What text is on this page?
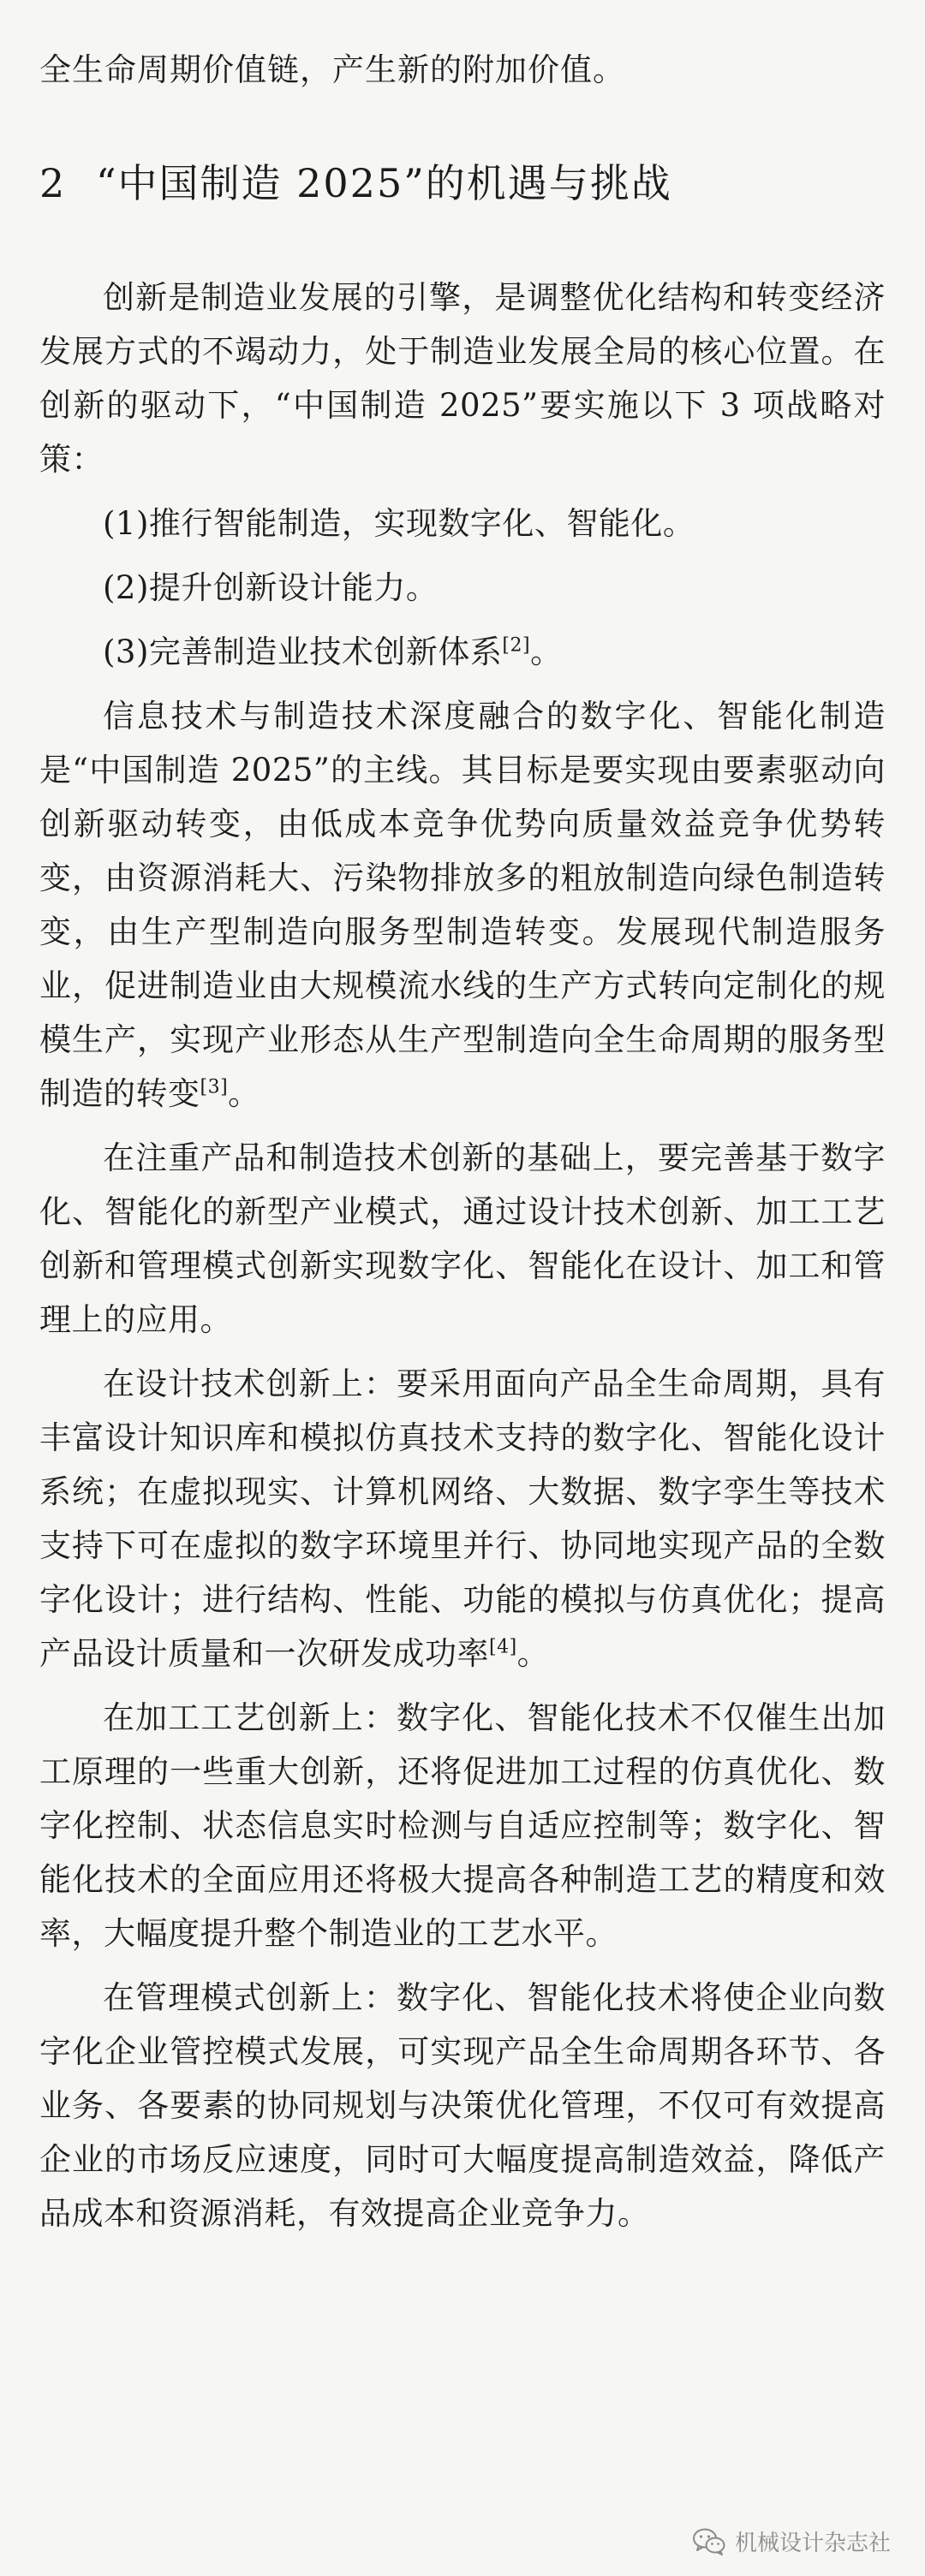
全生命周期价值链，产生新的附加价值。

2 “中国制造 2025”的机遇与挑战

创新是制造业发展的引擎，是调整优化结构和转变经济发展方式的不竭动力，处于制造业发展全局的核心位置。在创新的驱动下，“中国制造 2025”要实施以下 3 项战略对策：

(1)推行智能制造，实现数字化、智能化。

(2)提升创新设计能力。

(3)完善制造业技术创新体系[2]。

信息技术与制造技术深度融合的数字化、智能化制造是“中国制造 2025”的主线。其目标是要实现由要素驱动向创新驱动转变，由低成本竞争优势向质量效益竞争优势转变，由资源消耗大、污染物排放多的粗放制造向绿色制造转变，由生产型制造向服务型制造转变。发展现代制造服务业，促进制造业由大规模流水线的生产方式转向定制化的规模生产，实现产业形态从生产型制造向全生命周期的服务型制造的转变[3]。

在注重产品和制造技术创新的基础上，要完善基于数字化、智能化的新型产业模式，通过设计技术创新、加工工艺创新和管理模式创新实现数字化、智能化在设计、加工和管理上的应用。

在设计技术创新上：要采用面向产品全生命周期，具有丰富设计知识库和模拟仿真技术支持的数字化、智能化设计系统；在虚拟现实、计算机网络、大数据、数字孪生等技术支持下可在虚拟的数字环境里并行、协同地实现产品的全数字化设计；进行结构、性能、功能的模拟与仿真优化；提高产品设计质量和一次研发成功率[4]。

在加工工艺创新上：数字化、智能化技术不仅催生出加工原理的一些重大创新，还将促进加工过程的仿真优化、数字化控制、状态信息实时检测与自适应控制等；数字化、智能化技术的全面应用还将极大提高各种制造工艺的精度和效率，大幅度提升整个制造业的工艺水平。

在管理模式创新上：数字化、智能化技术将使企业向数字化企业管控模式发展，可实现产品全生命周期各环节、各业务、各要素的协同规划与决策优化管理，不仅可有效提高企业的市场反应速度，同时可大幅度提高制造效益，降低产品成本和资源消耗，有效提高企业竞争力。

机械设计杂志社
